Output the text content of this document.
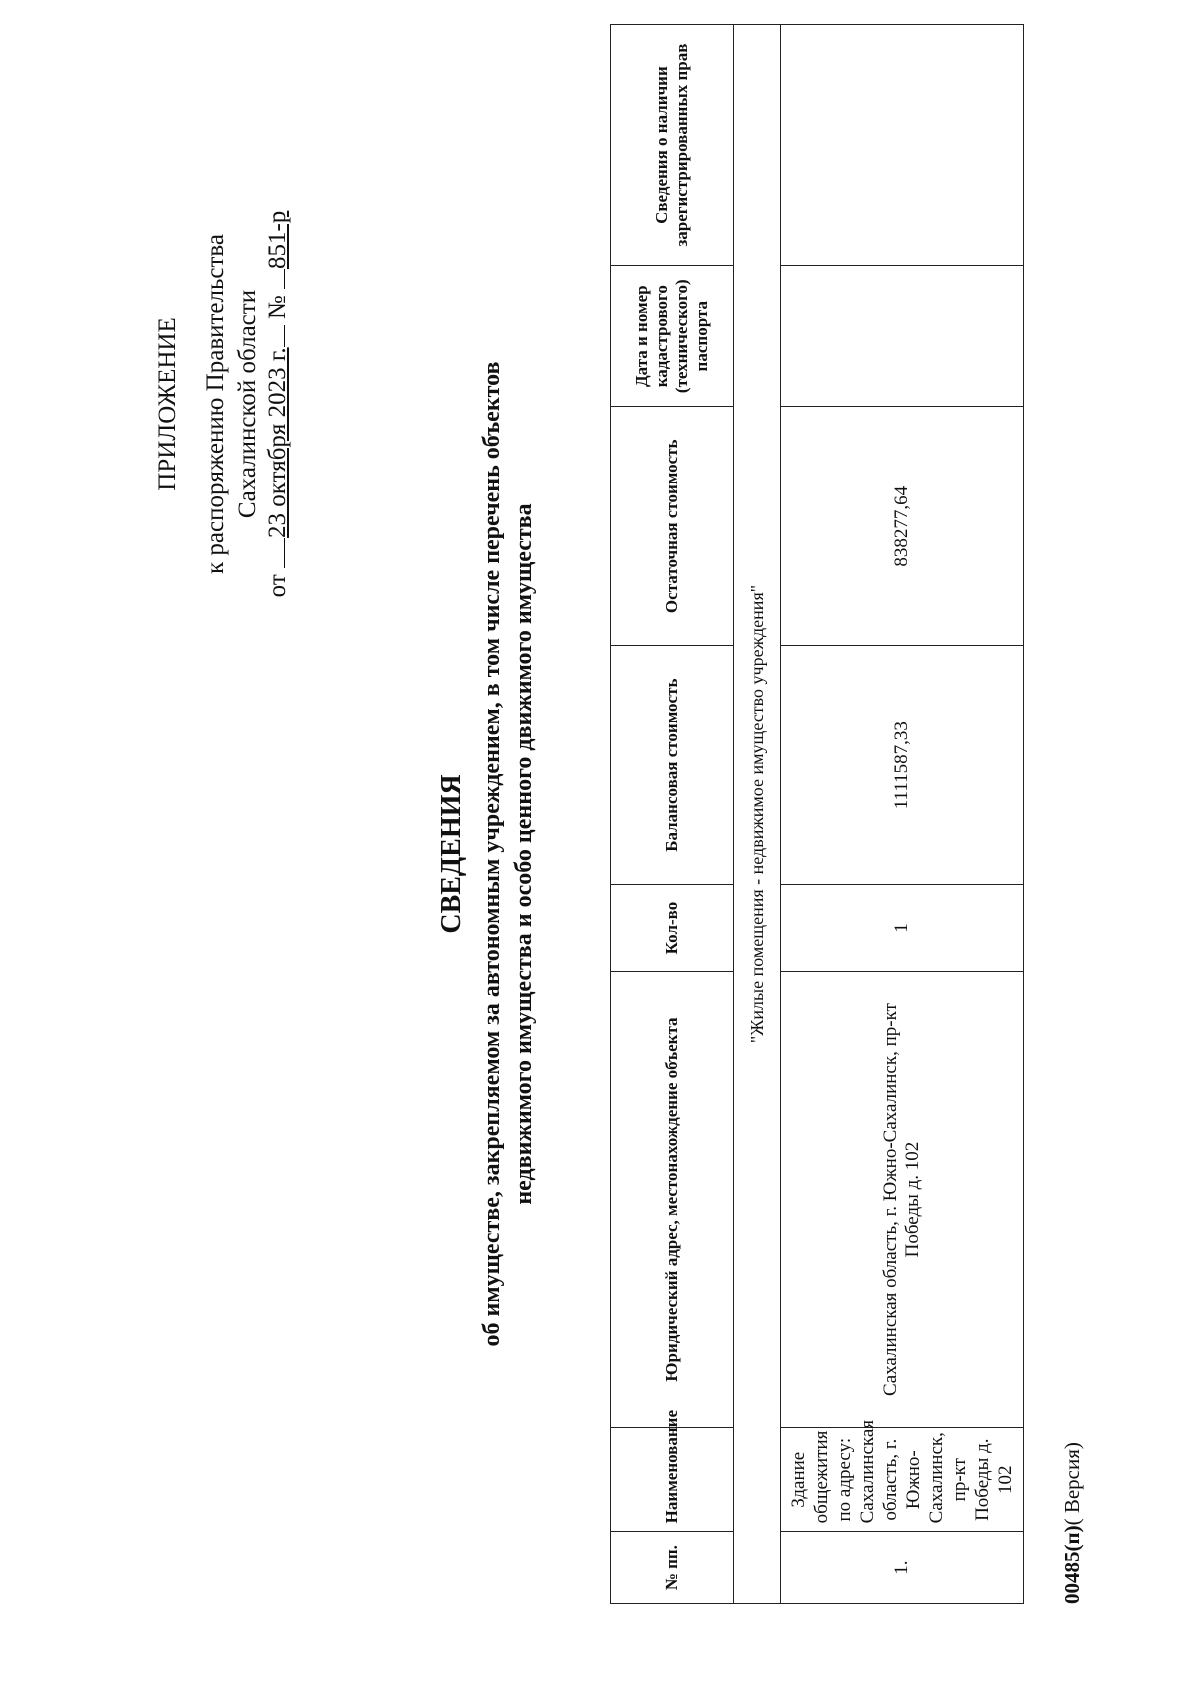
ПРИЛОЖЕНИЕ к распоряжению Правительства Сахалинской области
от 23 октября 2023 г. № 851-р
СВЕДЕНИЯ об имуществе, закрепляемом за автономным учреждением, в том числе перечень объектов недвижимого имущества и особо ценного движимого имущества
№ пп.	Наименование	Юридический адрес, местонахождение объекта	Кол-во	Балансовая стоимость	Остаточная стоимость	Дата и номер кадастрового (технического) паспорта	Сведения о наличии зарегистрированных прав
"Жилые помещения - недвижимое имущество учреждения"							
1.	Здание общежития по адресу: Сахалинская область, г. Южно-Сахалинск, пр-кт Победы д. 102	Сахалинская область, г. Южно-Сахалинск, пр-кт Победы д. 102	1	1111587,33	838277,64		
00485(п)( Версия)
